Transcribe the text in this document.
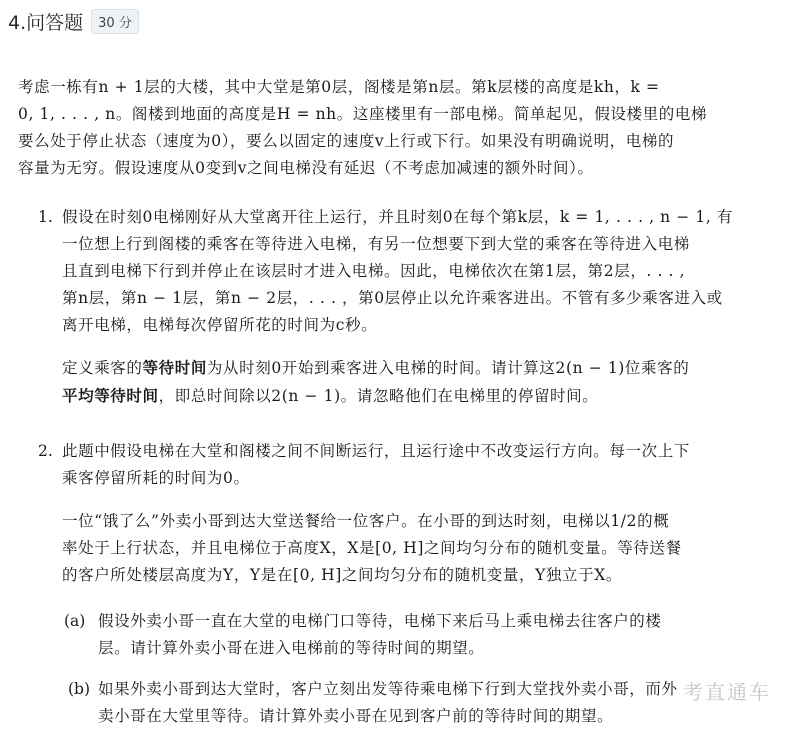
4.问答题	30 分
考虑一栋有n + 1层的大楼，其中大堂是第0层，阁楼是第n层。第k层楼的高度是kh，k =
0, 1, . . . , n。阁楼到地面的高度是H = nh。这座楼里有一部电梯。简单起见，假设楼里的电梯
要么处于停止状态（速度为0），要么以固定的速度v上行或下行。如果没有明确说明，电梯的
容量为无穷。假设速度从0变到v之间电梯没有延迟（不考虑加减速的额外时间）。
1. 假设在时刻0电梯刚好从大堂离开往上运行，并且时刻0在每个第k层，k = 1, . . . , n − 1, 有
一位想上行到阁楼的乘客在等待进入电梯，有另一位想要下到大堂的乘客在等待进入电梯
且直到电梯下行到并停止在该层时才进入电梯。因此，电梯依次在第1层，第2层，. . . ,
第n层，第n − 1层，第n − 2层，. . . ，第0层停止以允许乘客进出。不管有多少乘客进入或
离开电梯，电梯每次停留所花的时间为c秒。
定义乘客的等待时间为从时刻0开始到乘客进入电梯的时间。请计算这2(n − 1)位乘客的
平均等待时间，即总时间除以2(n − 1)。请忽略他们在电梯里的停留时间。
2. 此题中假设电梯在大堂和阁楼之间不间断运行，且运行途中不改变运行方向。每一次上下
乘客停留所耗的时间为0。
一位“饿了么”外卖小哥到达大堂送餐给一位客户。在小哥的到达时刻，电梯以1/2的概
率处于上行状态，并且电梯位于高度X，X是[0, H]之间均匀分布的随机变量。等待送餐
的客户所处楼层高度为Y，Y是在[0, H]之间均匀分布的随机变量，Y独立于X。
(a) 假设外卖小哥一直在大堂的电梯门口等待，电梯下来后马上乘电梯去往客户的楼
层。请计算外卖小哥在进入电梯前的等待时间的期望。
(b) 如果外卖小哥到达大堂时，客户立刻出发等待乘电梯下行到大堂找外卖小哥，而外
卖小哥在大堂里等待。请计算外卖小哥在见到客户前的等待时间的期望。
考直通车
